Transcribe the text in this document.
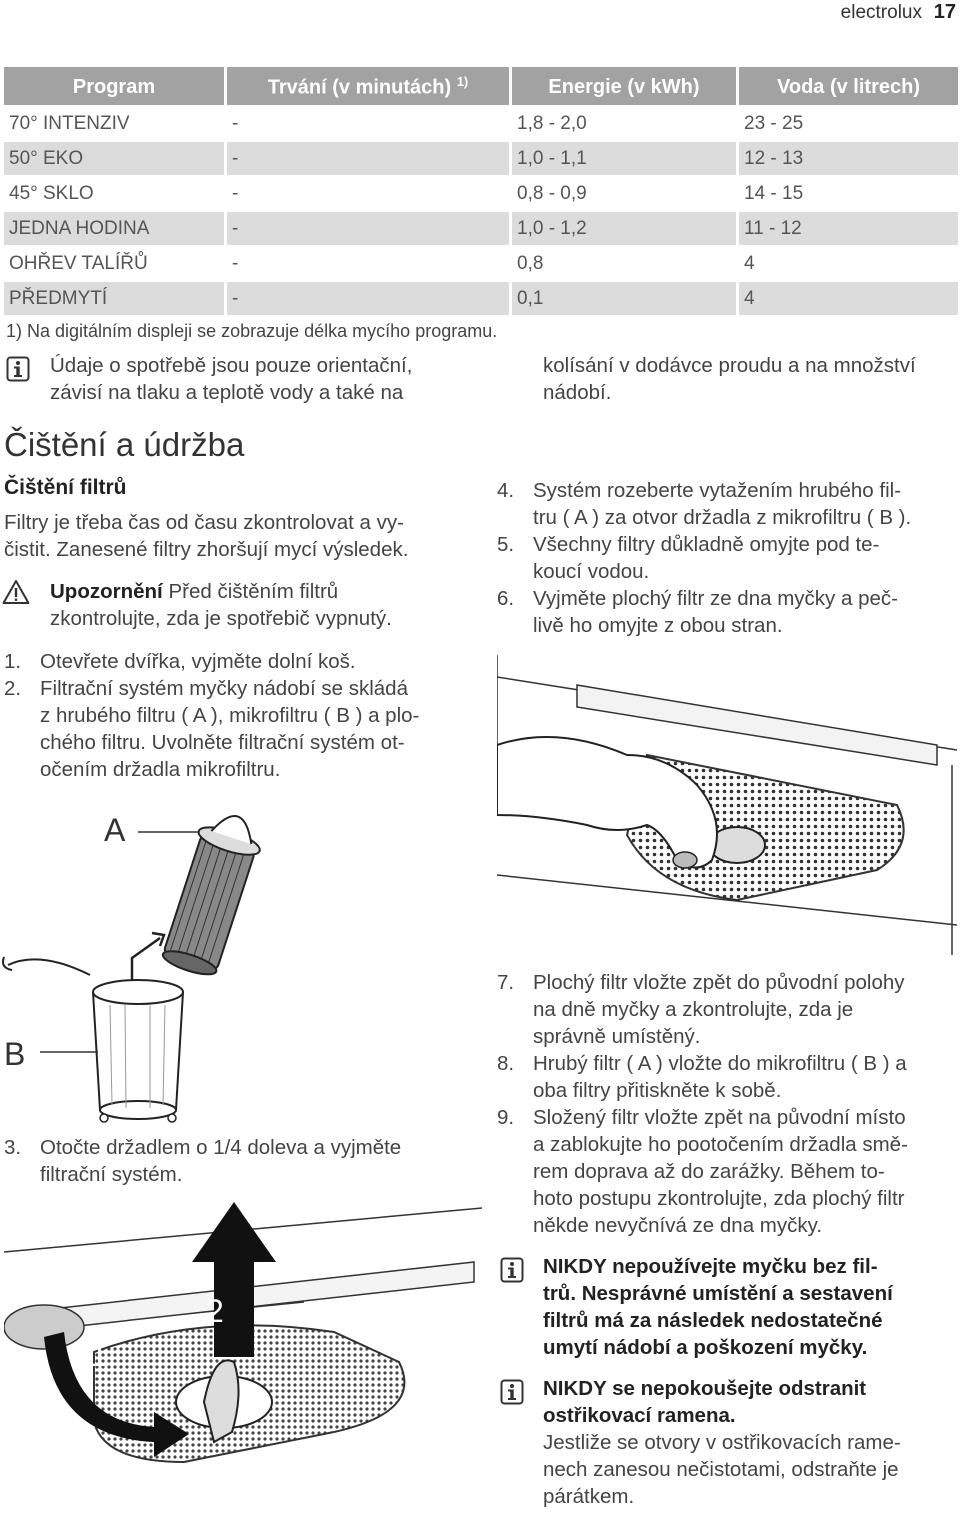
electrolux 17
Program	Trvání (v minutách) $^{1)}$	Energie (v kWh)	Voda (v litrech)
70° INTENZIV	-	1,8 - 2,0	23 - 25
50° EKO	-	1,0 - 1,1	12 - 13
45° SKLO	-	0,8 - 0,9	14 - 15
JEDNA HODINA	-	1,0 - 1,2	11 - 12
OHŘEV TALÍŘŮ	-	0,8	4
PŘEDMYTÍ	-	0,1	4
1) Na digitálním displeji se zobrazuje délka mycího programu.
Údaje o spotřebě jsou pouze orientační,
závisí na tlaku a teplotě vody a také na
kolísání v dodávce proudu a na množství
nádobí.
Čištění a údržba
Čištění filtrů
Filtry je třeba čas od času zkontrolovat a vy-
čistit. Zanesené filtry zhoršují mycí výsledek.
Upozornění Před čištěním filtrů
zkontrolujte, zda je spotřebič vypnutý.
1. Otevřete dvířka, vyjměte dolní koš.
2. Filtrační systém myčky nádobí se skládá
z hrubého filtru ( A ), mikrofiltru ( B ) a plo-
chého filtru. Uvolněte filtrační systém ot-
očením držadla mikrofiltru.
A
B
3. Otočte držadlem o 1/4 doleva a vyjměte
filtrační systém.
1
2
4. Systém rozeberte vytažením hrubého fil-
tru ( A ) za otvor držadla z mikrofiltru ( B ).
5. Všechny filtry důkladně omyjte pod te-
koucí vodou.
6. Vyjměte plochý filtr ze dna myčky a peč-
livě ho omyjte z obou stran.
7. Plochý filtr vložte zpět do původní polohy
na dně myčky a zkontrolujte, zda je
správně umístěný.
8. Hrubý filtr ( A ) vložte do mikrofiltru ( B ) a
oba filtry přitiskněte k sobě.
9. Složený filtr vložte zpět na původní místo
a zablokujte ho pootočením držadla smě-
rem doprava až do zarážky. Během to-
hoto postupu zkontrolujte, zda plochý filtr
někde nevyčnívá ze dna myčky.
NIKDY nepoužívejte myčku bez fil-
trů. Nesprávné umístění a sestavení
filtrů má za následek nedostatečné
umytí nádobí a poškození myčky.
NIKDY se nepokoušejte odstranit
ostřikovací ramena.
Jestliže se otvory v ostřikovacích rame-
nech zanesou nečistotami, odstraňte je
párátkem.
